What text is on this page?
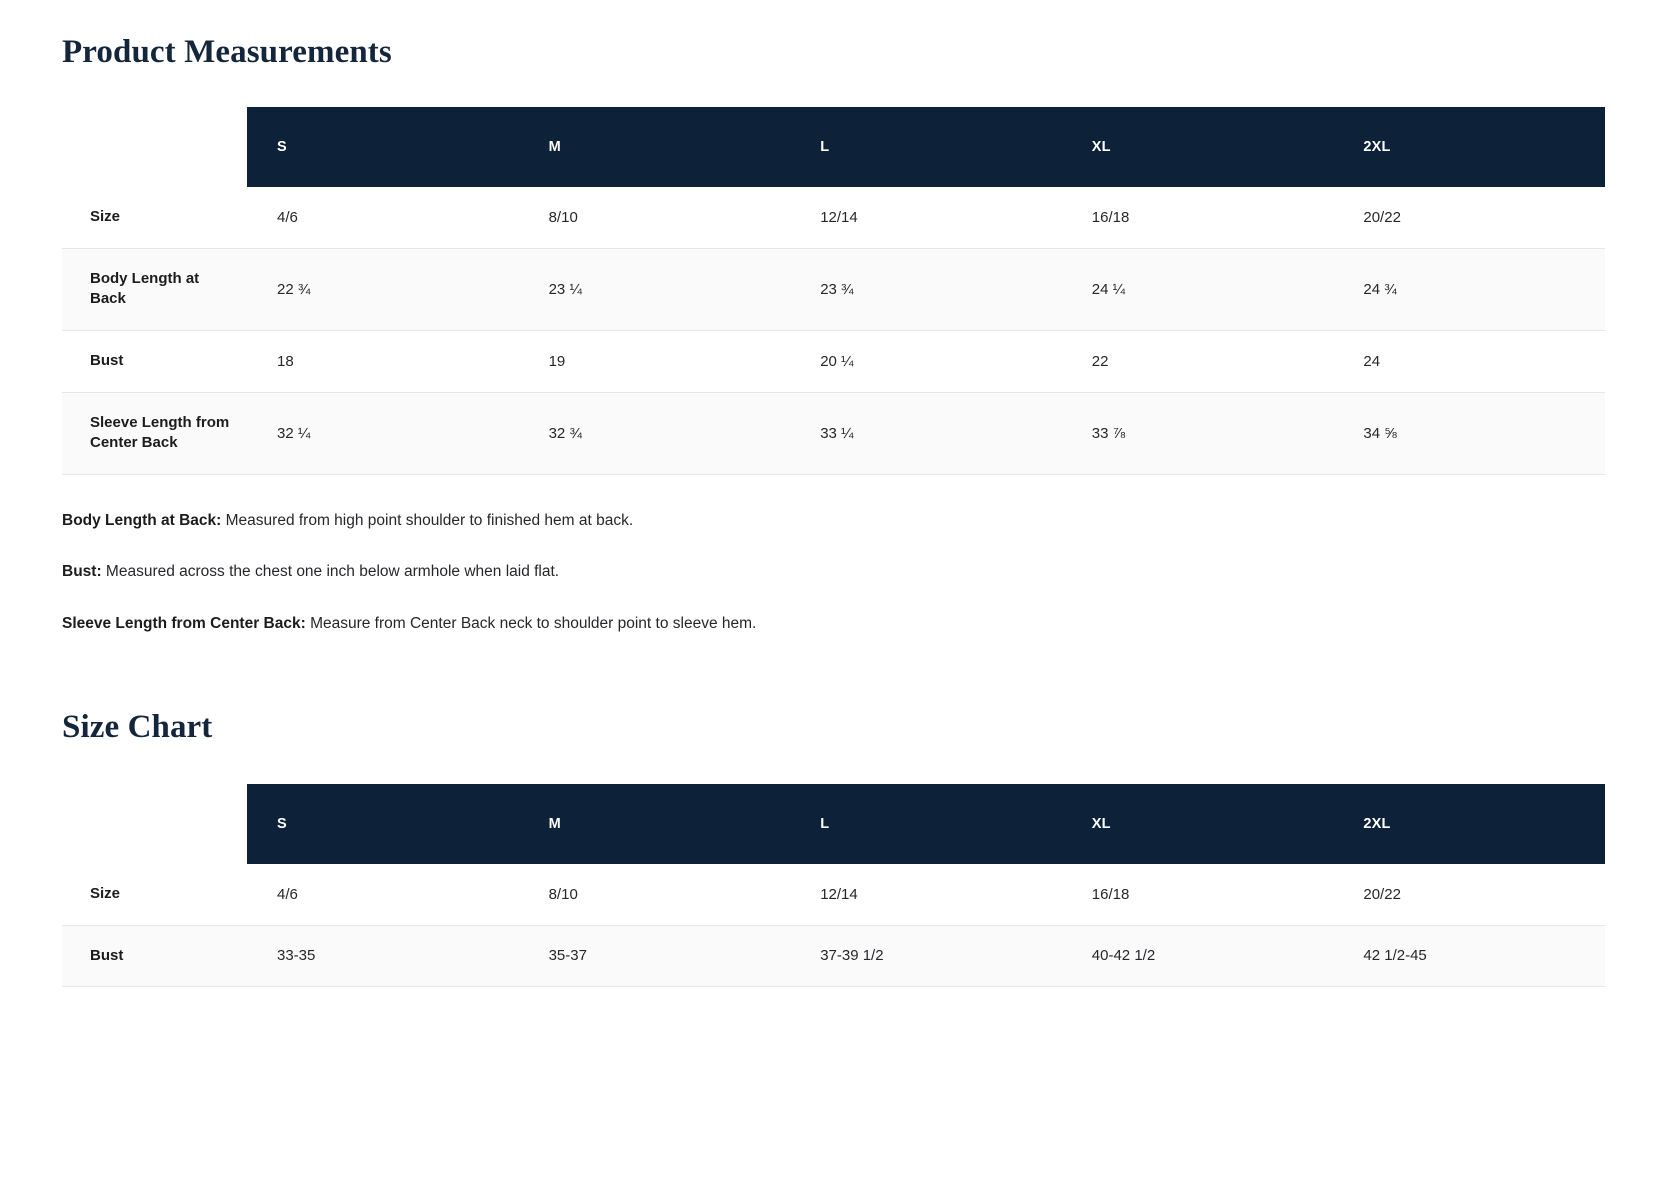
Product Measurements
	S	M	L	XL	2XL
Size	4/6	8/10	12/14	16/18	20/22
Body Length at Back	22 ¾	23 ¼	23 ¾	24 ¼	24 ¾
Bust	18	19	20 ¼	22	24
Sleeve Length from Center Back	32 ¼	32 ¾	33 ¼	33 ⅞	34 ⅝

Body Length at Back: Measured from high point shoulder to finished hem at back.

Bust: Measured across the chest one inch below armhole when laid flat.

Sleeve Length from Center Back: Measure from Center Back neck to shoulder point to sleeve hem.

Size Chart
	S	M	L	XL	2XL
Size	4/6	8/10	12/14	16/18	20/22
Bust	33-35	35-37	37-39 1/2	40-42 1/2	42 1/2-45
